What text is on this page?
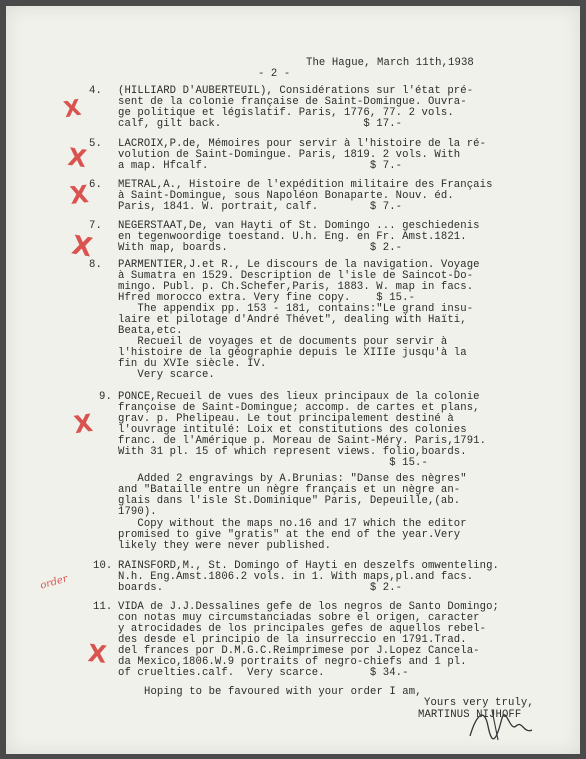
The Hague, March 11th,1938
- 2 -
4. (HILLIARD D'AUBERTEUIL), Considérations sur l'état pré-
sent de la colonie française de Saint-Domingue. Ouvra-
ge politique et législatif. Paris, 1776, 77. 2 vols.
calf, gilt back.                      $ 17.-
5. LACROIX,P.de, Mémoires pour servir à l'histoire de la ré-
volution de Saint-Domingue. Paris, 1819. 2 vols. With
a map. Hfcalf.                         $ 7.-
6. METRAL,A., Histoire de l'expédition militaire des Français
à Saint-Domingue, sous Napoléon Bonaparte. Nouv. éd.
Paris, 1841. W. portrait, calf.        $ 7.-
7. NEGERSTAAT,De, van Hayti of St. Domingo ... geschiedenis
en tegenwoordige toestand. U.h. Eng. en Fr. Amst.1821.
With map, boards.                      $ 2.-
8. PARMENTIER,J.et R., Le discours de la navigation. Voyage
à Sumatra en 1529. Description de l'isle de Saincot-Do-
mingo. Publ. p. Ch.Schefer,Paris, 1883. W. map in facs.
Hfred morocco extra. Very fine copy.    $ 15.-
The appendix pp. 153 - 181, contains:"Le grand insu-
laire et pilotage d'André Thévet", dealing with Haïti,
Beata,etc.
Recueil de voyages et de documents pour servir à
l'histoire de la géographie depuis le XIIIe jusqu'à la
fin du XVIe siècle. IV.
Very scarce.
9. PONCE,Recueil de vues des lieux principaux de la colonie
françoise de Saint-Domingue; accomp. de cartes et plans,
grav. p. Phelipeau. Le tout principalement destiné à
l'ouvrage intitulé: Loix et constitutions des colonies
franc. de l'Amérique p. Moreau de Saint-Méry. Paris,1791.
With 31 pl. 15 of which represent views. folio,boards.
$ 15.-
Added 2 engravings by A.Brunias: "Danse des nègres"
and "Bataille entre un nègre français et un nègre an-
glais dans l'isle St.Dominique" Paris, Depeuille,(ab.
1790).
Copy without the maps no.16 and 17 which the editor
promised to give "gratis" at the end of the year.Very
likely they were never published.
10. RAINSFORD,M., St. Domingo of Hayti en deszelfs omwenteling.
N.h. Eng.Amst.1806.2 vols. in 1. With maps,pl.and facs.
boards.                                $ 2.-
11. VIDA de J.J.Dessalines gefe de los negros de Santo Domingo;
con notas muy circumstanciadas sobre el origen, caracter
y atrocidades de los principales gefes de aquellos rebel-
des desde el principio de la insurreccio en 1791.Trad.
del frances por D.M.G.C.Reimprimese por J.Lopez Cancela-
da Mexico,1806.W.9 portraits of negro-chiefs and 1 pl.
of cruelties.calf.  Very scarce.       $ 34.-
Hoping to be favoured with your order I am,
Yours very truly,
MARTINUS NIJHOFF
X
X
X
X
X
X
order
